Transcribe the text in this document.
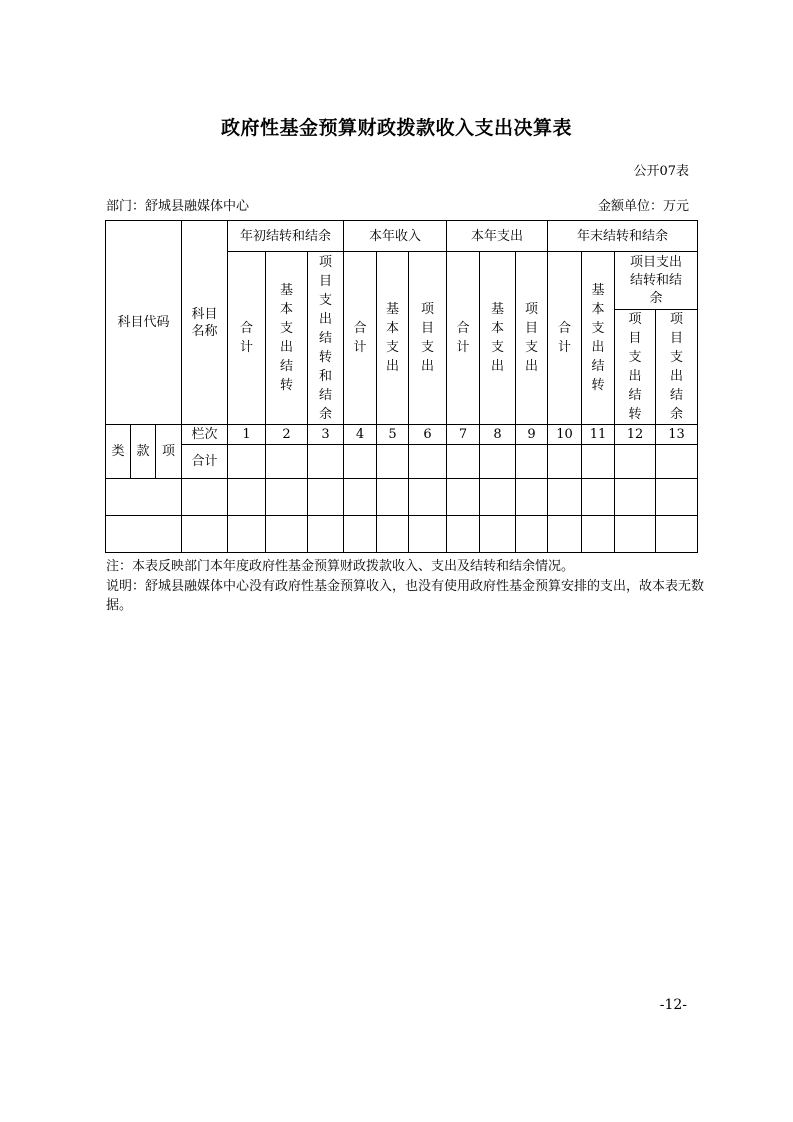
政府性基金预算财政拨款收入支出决算表
公开07表
部门：舒城县融媒体中心	金额单位：万元
科目代码			科目名称	年初结转和结余			本年收入			本年支出			年末结转和结余			
				合计	基本支出结转	项目支出结转和结余	合计	基本支出	项目支出	合计	基本支出	项目支出	合计	基本支出结转	项目支出结转和结余	
															项目支出结转	项目支出结余
类	款	项	栏次	1	2	3	4	5	6	7	8	9	10	11	12	13
			合计													

注：本表反映部门本年度政府性基金预算财政拨款收入、支出及结转和结余情况。
说明：舒城县融媒体中心没有政府性基金预算收入，也没有使用政府性基金预算安排的支出，故本表无数据。
-12-
